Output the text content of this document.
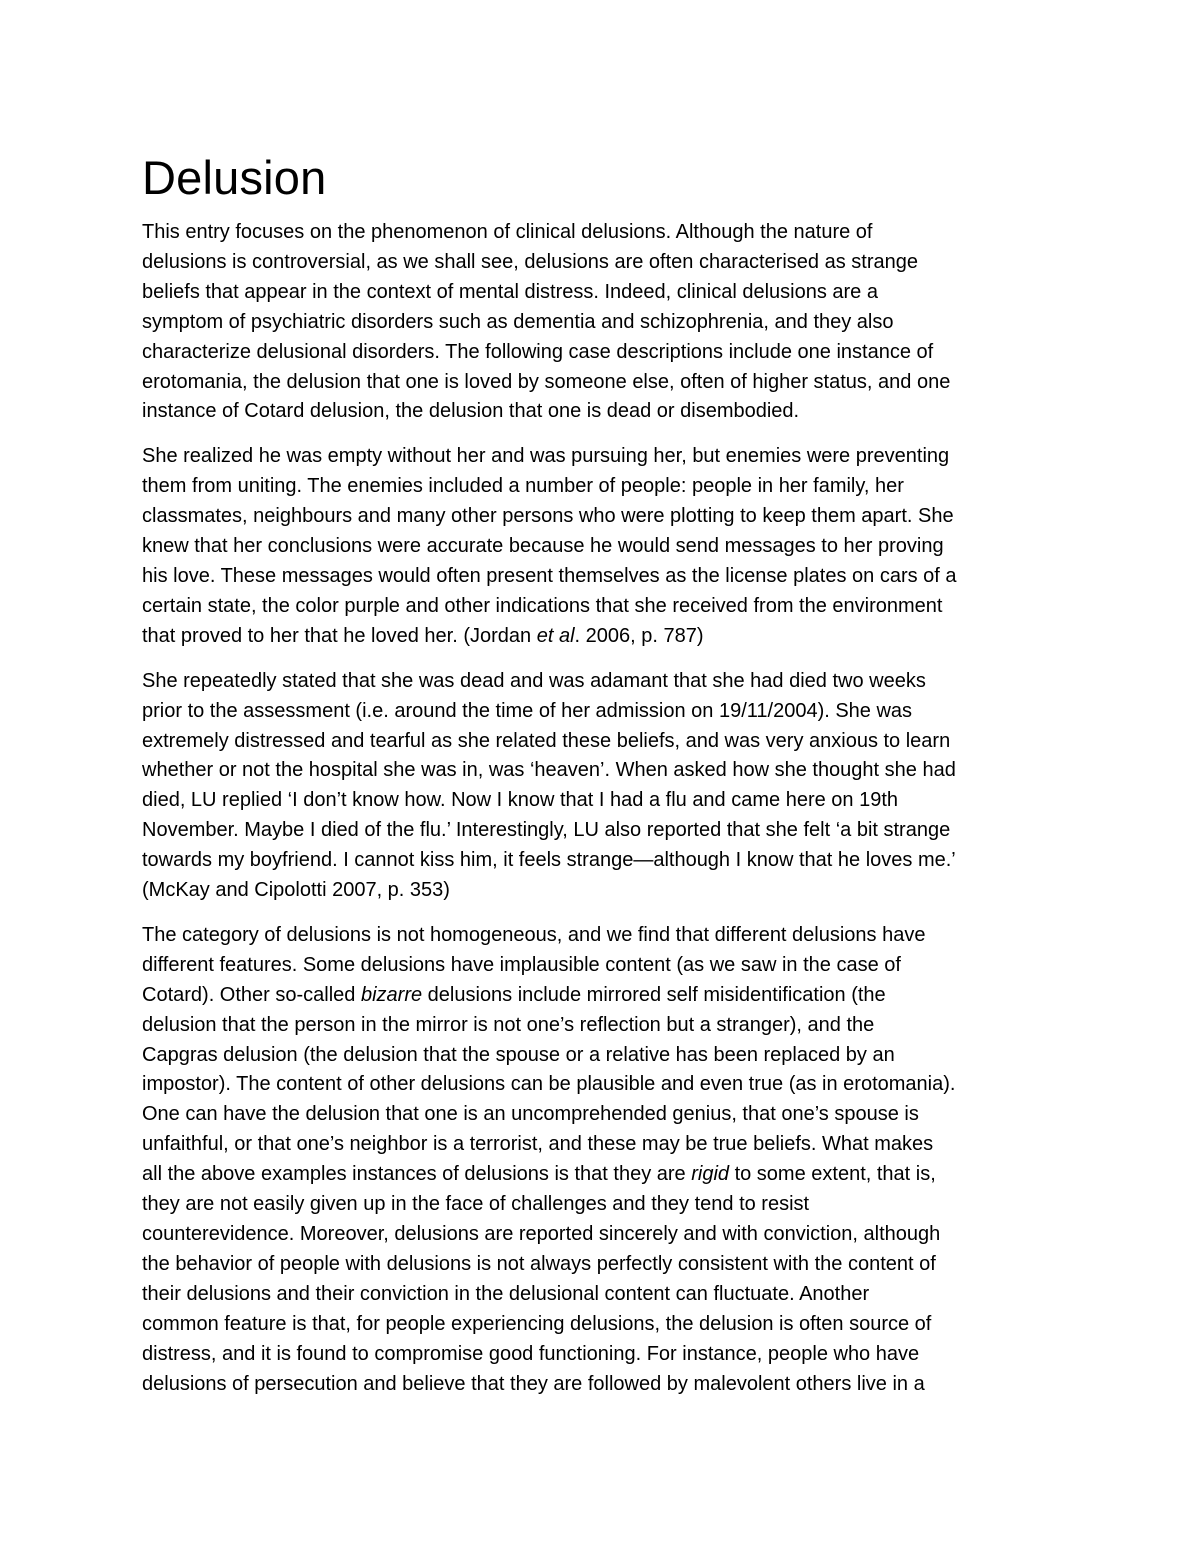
Delusion

This entry focuses on the phenomenon of clinical delusions. Although the nature of
delusions is controversial, as we shall see, delusions are often characterised as strange
beliefs that appear in the context of mental distress. Indeed, clinical delusions are a
symptom of psychiatric disorders such as dementia and schizophrenia, and they also
characterize delusional disorders. The following case descriptions include one instance of
erotomania, the delusion that one is loved by someone else, often of higher status, and one
instance of Cotard delusion, the delusion that one is dead or disembodied.

She realized he was empty without her and was pursuing her, but enemies were preventing
them from uniting. The enemies included a number of people: people in her family, her
classmates, neighbours and many other persons who were plotting to keep them apart. She
knew that her conclusions were accurate because he would send messages to her proving
his love. These messages would often present themselves as the license plates on cars of a
certain state, the color purple and other indications that she received from the environment
that proved to her that he loved her. (Jordan et al. 2006, p. 787)

She repeatedly stated that she was dead and was adamant that she had died two weeks
prior to the assessment (i.e. around the time of her admission on 19/11/2004). She was
extremely distressed and tearful as she related these beliefs, and was very anxious to learn
whether or not the hospital she was in, was ‘heaven’. When asked how she thought she had
died, LU replied ‘I don’t know how. Now I know that I had a flu and came here on 19th
November. Maybe I died of the flu.’ Interestingly, LU also reported that she felt ‘a bit strange
towards my boyfriend. I cannot kiss him, it feels strange—although I know that he loves me.’
(McKay and Cipolotti 2007, p. 353)

The category of delusions is not homogeneous, and we find that different delusions have
different features. Some delusions have implausible content (as we saw in the case of
Cotard). Other so-called bizarre delusions include mirrored self misidentification (the
delusion that the person in the mirror is not one’s reflection but a stranger), and the
Capgras delusion (the delusion that the spouse or a relative has been replaced by an
impostor). The content of other delusions can be plausible and even true (as in erotomania).
One can have the delusion that one is an uncomprehended genius, that one’s spouse is
unfaithful, or that one’s neighbor is a terrorist, and these may be true beliefs. What makes
all the above examples instances of delusions is that they are rigid to some extent, that is,
they are not easily given up in the face of challenges and they tend to resist
counterevidence. Moreover, delusions are reported sincerely and with conviction, although
the behavior of people with delusions is not always perfectly consistent with the content of
their delusions and their conviction in the delusional content can fluctuate. Another
common feature is that, for people experiencing delusions, the delusion is often source of
distress, and it is found to compromise good functioning. For instance, people who have
delusions of persecution and believe that they are followed by malevolent others live in a
